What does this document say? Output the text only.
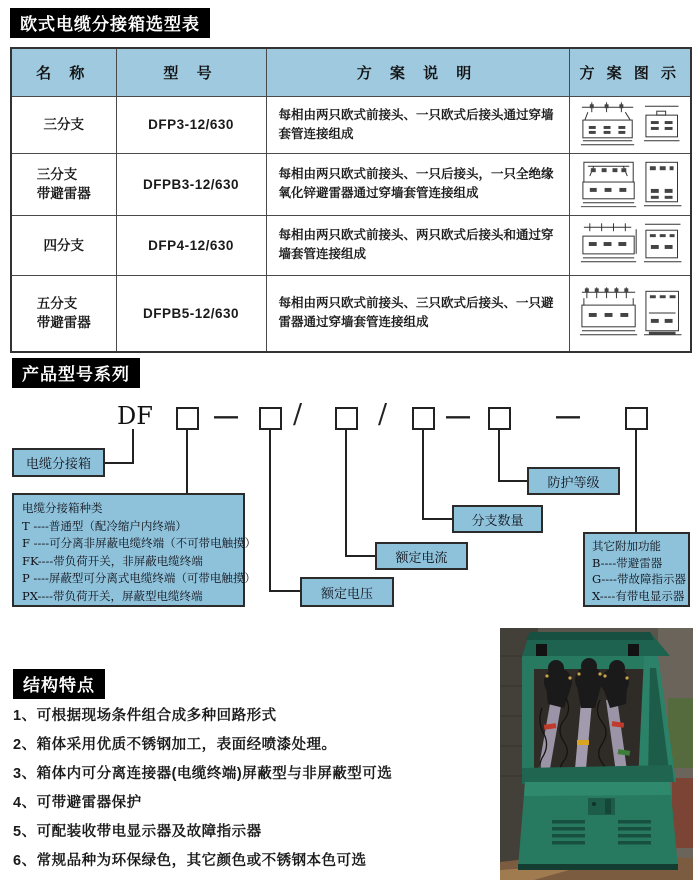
欧式电缆分接箱选型表
名 称	型 号	方 案 说 明	方 案 图 示

三分支	DFP3-12/630	每相由两只欧式前接头、一只欧式后接头通过穿墙套管连接组成	

三分支
带避雷器	DFPB3-12/630	每相由两只欧式前接头、一只后接头，一只全绝缘氧化锌避雷器通过穿墙套管连接组成	

四分支	DFP4-12/630	每相由两只欧式前接头、两只欧式后接头和通过穿墙套管连接组成	

五分支
带避雷器	DFPB5-12/630	每相由两只欧式前接头、三只欧式后接头、一只避雷器通过穿墙套管连接组成	
产品型号系列
DF	— /	/ —	—
电缆分接箱
电缆分接箱种类
T ----普通型（配冷缩户内终端）
F ----可分离非屏蔽电缆终端（不可带电触摸）
FK----带负荷开关，非屏蔽电缆终端
P ----屏蔽型可分离式电缆终端（可带电触摸）
PX----带负荷开关，屏蔽型电缆终端	额定电压
额定电流
分支数量
防护等级
其它附加功能
B----带避雷器
G----带故障指示器
X----有带电显示器
结构特点
1、可根据现场条件组合成多种回路形式
2、箱体采用优质不锈钢加工，表面经喷漆处理。
3、箱体内可分离连接器(电缆终端)屏蔽型与非屏蔽型可选
4、可带避雷器保护
5、可配装收带电显示器及故障指示器
6、常规品种为环保绿色，其它颜色或不锈钢本色可选
